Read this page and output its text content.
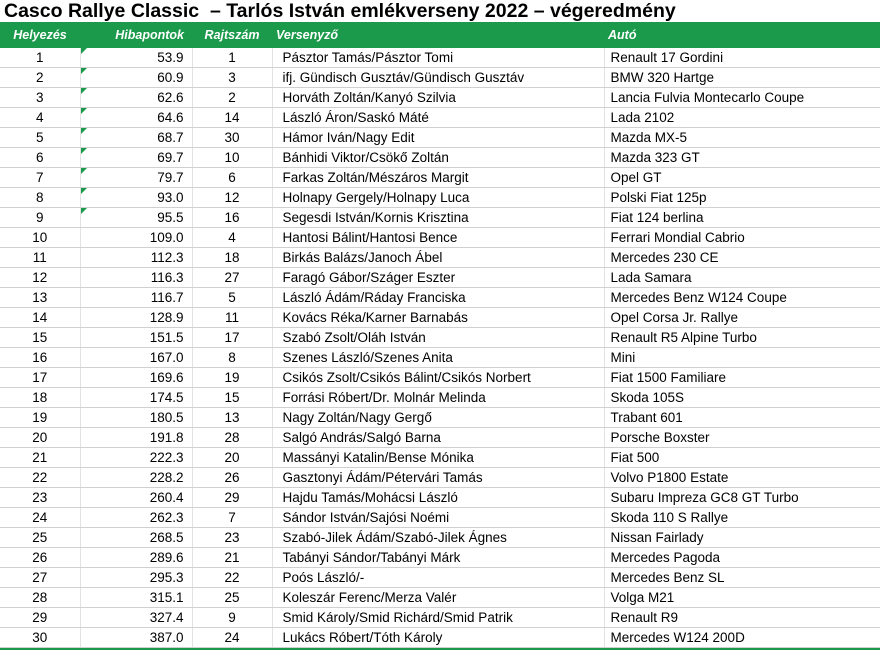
Casco Rallye Classic  – Tarlós István emlékverseny 2022 – végeredmény
Helyezés	Hibapontok	Rajtszám	Versenyző	Autó
1	53.9	1	Pásztor Tamás/Pásztor Tomi	Renault 17 Gordini
2	60.9	3	ifj. Gündisch Gusztáv/Gündisch Gusztáv	BMW 320 Hartge
3	62.6	2	Horváth Zoltán/Kanyó Szilvia	Lancia Fulvia Montecarlo Coupe
4	64.6	14	László Áron/Saskó Máté	Lada 2102
5	68.7	30	Hámor Iván/Nagy Edit	Mazda MX-5
6	69.7	10	Bánhidi Viktor/Csökő Zoltán	Mazda 323 GT
7	79.7	6	Farkas Zoltán/Mészáros Margit	Opel GT
8	93.0	12	Holnapy Gergely/Holnapy Luca	Polski Fiat 125p
9	95.5	16	Segesdi István/Kornis Krisztina	Fiat 124 berlina
10	109.0	4	Hantosi Bálint/Hantosi Bence	Ferrari Mondial Cabrio
11	112.3	18	Birkás Balázs/Janoch Ábel	Mercedes 230 CE
12	116.3	27	Faragó Gábor/Száger Eszter	Lada Samara
13	116.7	5	László Ádám/Ráday Franciska	Mercedes Benz W124 Coupe
14	128.9	11	Kovács Réka/Karner Barnabás	Opel Corsa Jr. Rallye
15	151.5	17	Szabó Zsolt/Oláh István	Renault R5 Alpine Turbo
16	167.0	8	Szenes László/Szenes Anita	Mini
17	169.6	19	Csikós Zsolt/Csikós Bálint/Csikós Norbert	Fiat 1500 Familiare
18	174.5	15	Forrási Róbert/Dr. Molnár Melinda	Skoda 105S
19	180.5	13	Nagy Zoltán/Nagy Gergő	Trabant 601
20	191.8	28	Salgó András/Salgó Barna	Porsche Boxster
21	222.3	20	Massányi Katalin/Bense Mónika	Fiat 500
22	228.2	26	Gasztonyi Ádám/Pétervári Tamás	Volvo P1800 Estate
23	260.4	29	Hajdu Tamás/Mohácsi László	Subaru Impreza GC8 GT Turbo
24	262.3	7	Sándor István/Sajósi Noémi	Skoda 110 S Rallye
25	268.5	23	Szabó-Jilek Ádám/Szabó-Jilek Ágnes	Nissan Fairlady
26	289.6	21	Tabányi Sándor/Tabányi Márk	Mercedes Pagoda
27	295.3	22	Poós László/-	Mercedes Benz SL
28	315.1	25	Koleszár Ferenc/Merza Valér	Volga M21
29	327.4	9	Smid Károly/Smid Richárd/Smid Patrik	Renault R9
30	387.0	24	Lukács Róbert/Tóth Károly	Mercedes W124 200D
